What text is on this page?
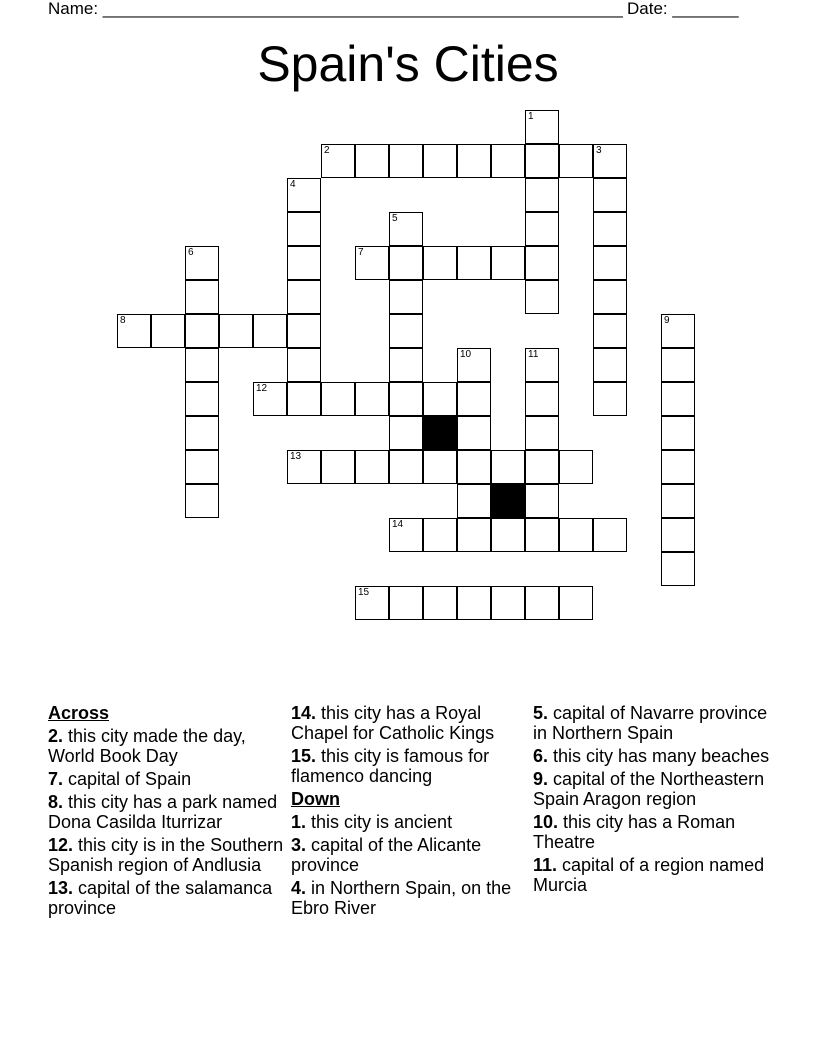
Name: _______________________________________________________ Date: _______
Spain's Cities
2	3
7
8
12
13
14
15
1
4
5
6
9
10	11
Across
2. this city made the day, World Book Day
7. capital of Spain
8. this city has a park named Dona Casilda Iturrizar
12. this city is in the Southern Spanish region of Andlusia
13. capital of the salamanca province
14. this city has a Royal Chapel for Catholic Kings
15. this city is famous for flamenco dancing
Down
1. this city is ancient
3. capital of the Alicante province
4. in Northern Spain, on the Ebro River
5. capital of Navarre province in Northern Spain
6. this city has many beaches
9. capital of the Northeastern Spain Aragon region
10. this city has a Roman Theatre
11. capital of a region named Murcia
